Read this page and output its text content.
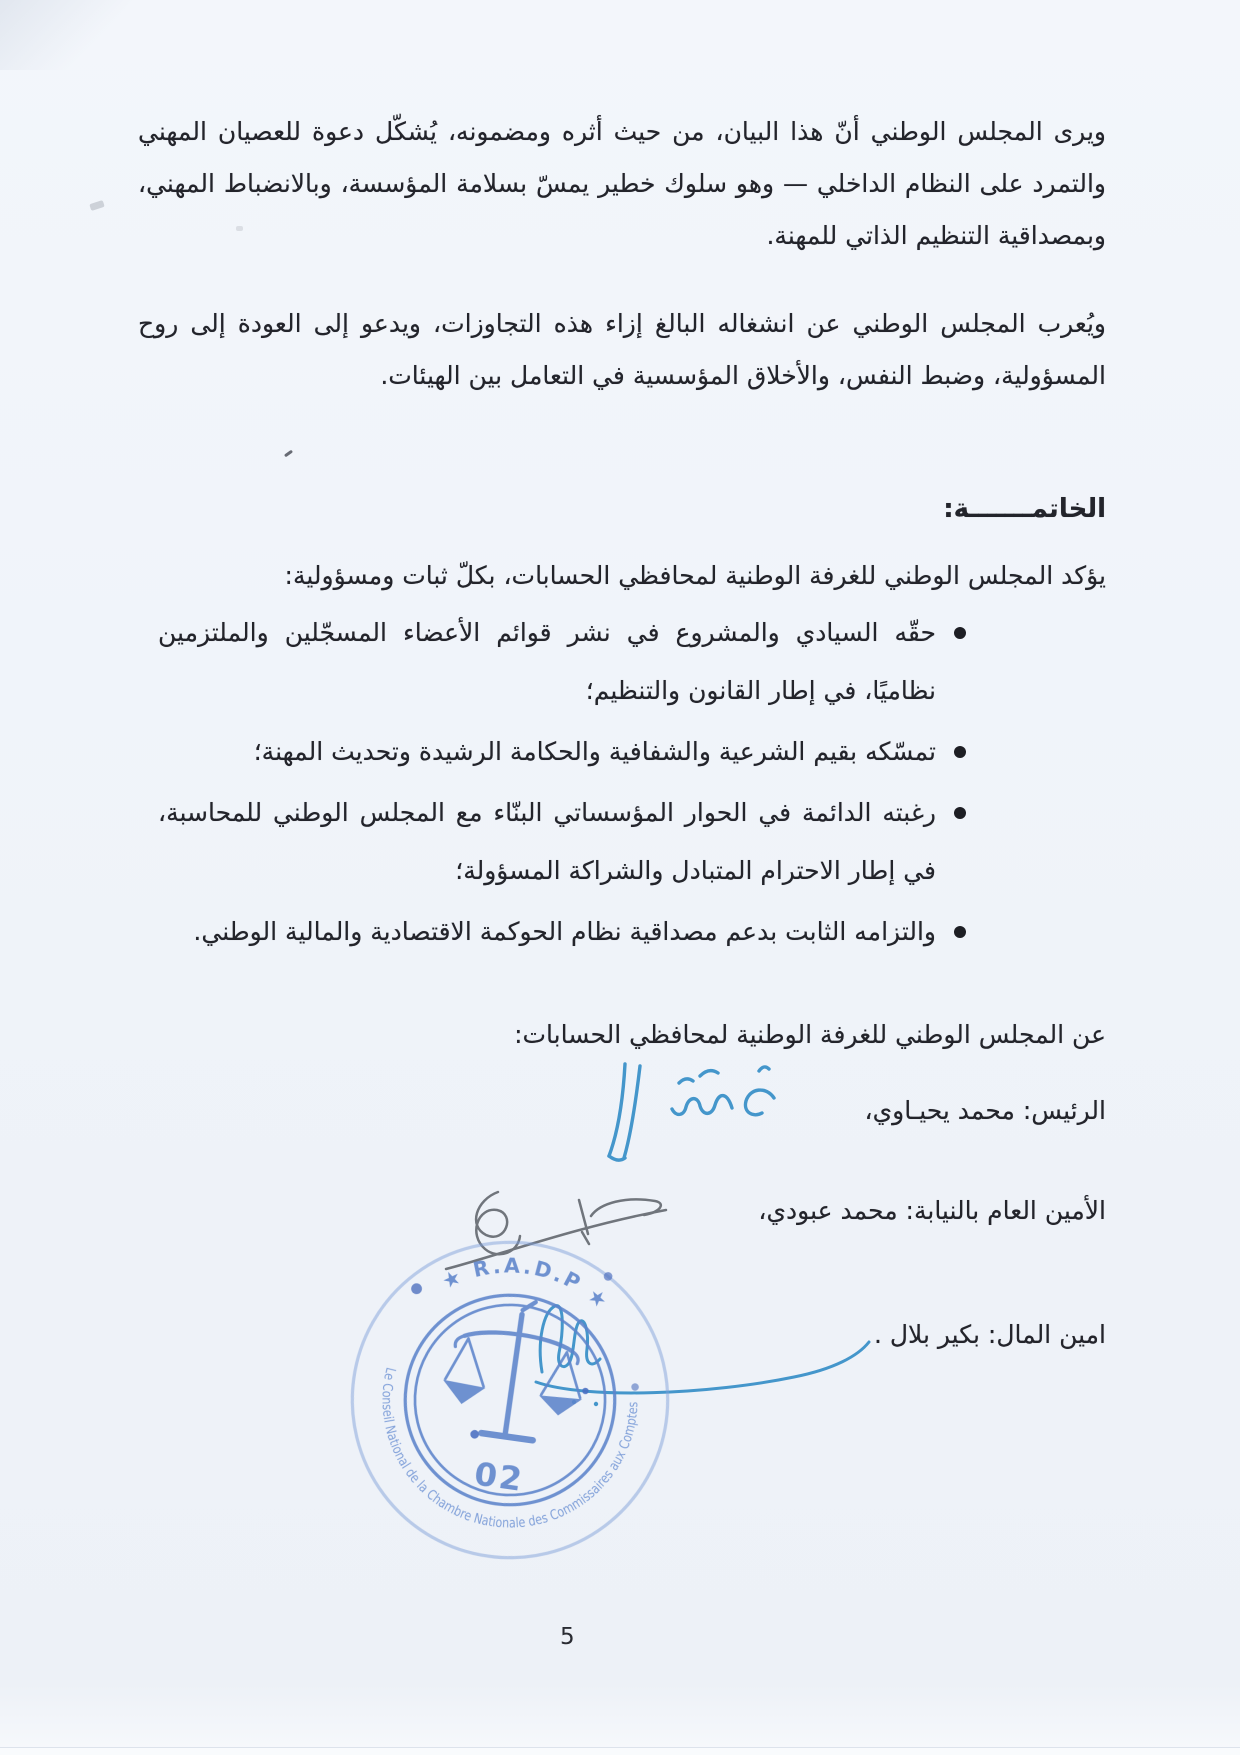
ويرى المجلس الوطني أنّ هذا البيان، من حيث أثره ومضمونه، يُشكّل دعوة للعصيان المهني والتمرد على النظام الداخلي — وهو سلوك خطير يمسّ بسلامة المؤسسة، وبالانضباط المهني، وبمصداقية التنظيم الذاتي للمهنة.

ويُعرب المجلس الوطني عن انشغاله البالغ إزاء هذه التجاوزات، ويدعو إلى العودة إلى روح المسؤولية، وضبط النفس، والأخلاق المؤسسية في التعامل بين الهيئات.

الخاتمـــــــة:

يؤكد المجلس الوطني للغرفة الوطنية لمحافظي الحسابات، بكلّ ثبات ومسؤولية:

حقّه السيادي والمشروع في نشر قوائم الأعضاء المسجّلين والملتزمين نظاميًا، في إطار القانون والتنظيم؛
تمسّكه بقيم الشرعية والشفافية والحكامة الرشيدة وتحديث المهنة؛
رغبته الدائمة في الحوار المؤسساتي البنّاء مع المجلس الوطني للمحاسبة، في إطار الاحترام المتبادل والشراكة المسؤولة؛
والتزامه الثابت بدعم مصداقية نظام الحوكمة الاقتصادية والمالية الوطني.

عن المجلس الوطني للغرفة الوطنية لمحافظي الحسابات:

الرئيس: محمد يحيـاوي،

الأمين العام بالنيابة: محمد عبودي،

امين المال: بكير بلال .

★ R.A.D.P ★
Le Conseil National de la Chambre Nationale des Commissaires aux Comptes
02
5
